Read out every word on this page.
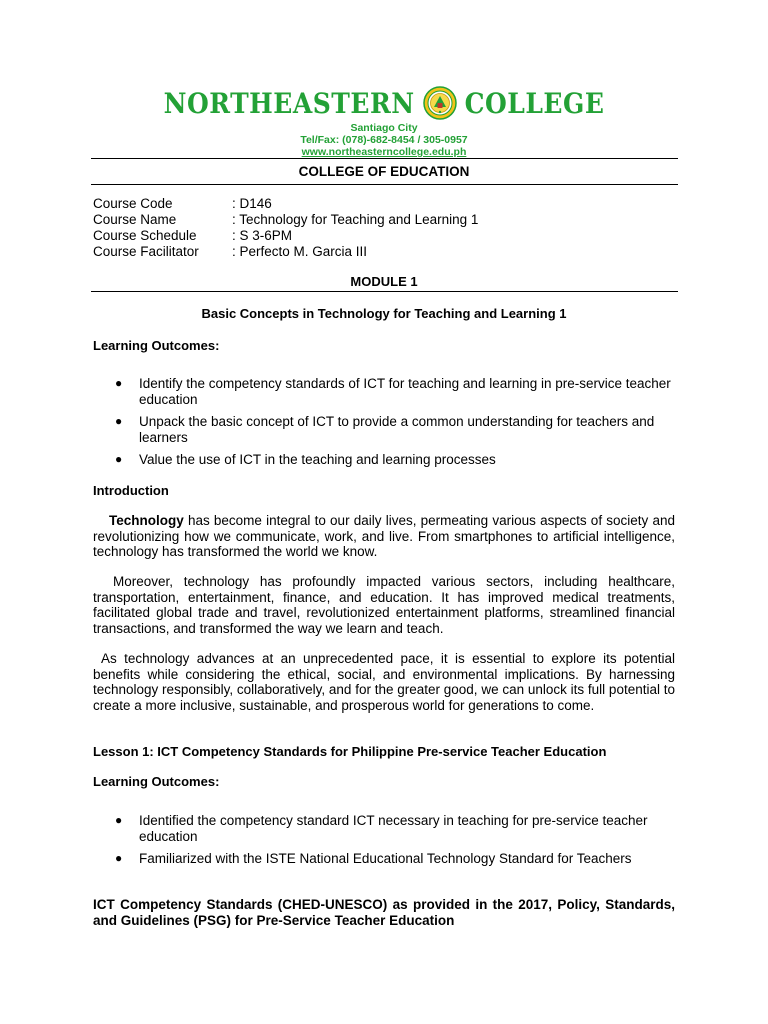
NORTHEASTERN COLLEGE
Santiago City
Tel/Fax: (078)-682-8454 / 305-0957
www.northeasterncollege.edu.ph
COLLEGE OF EDUCATION
Course Code	: D146
Course Name	: Technology for Teaching and Learning 1
Course Schedule	: S 3-6PM
Course Facilitator	: Perfecto M. Garcia III
MODULE 1
Basic Concepts in Technology for Teaching and Learning 1
Learning Outcomes:
● Identify the competency standards of ICT for teaching and learning in pre-service teacher education
● Unpack the basic concept of ICT to provide a common understanding for teachers and learners
● Value the use of ICT in the teaching and learning processes
Introduction
Technology has become integral to our daily lives, permeating various aspects of society and revolutionizing how we communicate, work, and live. From smartphones to artificial intelligence, technology has transformed the world we know.
Moreover, technology has profoundly impacted various sectors, including healthcare, transportation, entertainment, finance, and education. It has improved medical treatments, facilitated global trade and travel, revolutionized entertainment platforms, streamlined financial transactions, and transformed the way we learn and teach.
As technology advances at an unprecedented pace, it is essential to explore its potential benefits while considering the ethical, social, and environmental implications. By harnessing technology responsibly, collaboratively, and for the greater good, we can unlock its full potential to create a more inclusive, sustainable, and prosperous world for generations to come.
Lesson 1: ICT Competency Standards for Philippine Pre-service Teacher Education
Learning Outcomes:
● Identified the competency standard ICT necessary in teaching for pre-service teacher education
● Familiarized with the ISTE National Educational Technology Standard for Teachers
ICT Competency Standards (CHED-UNESCO) as provided in the 2017, Policy, Standards, and Guidelines (PSG) for Pre-Service Teacher Education
